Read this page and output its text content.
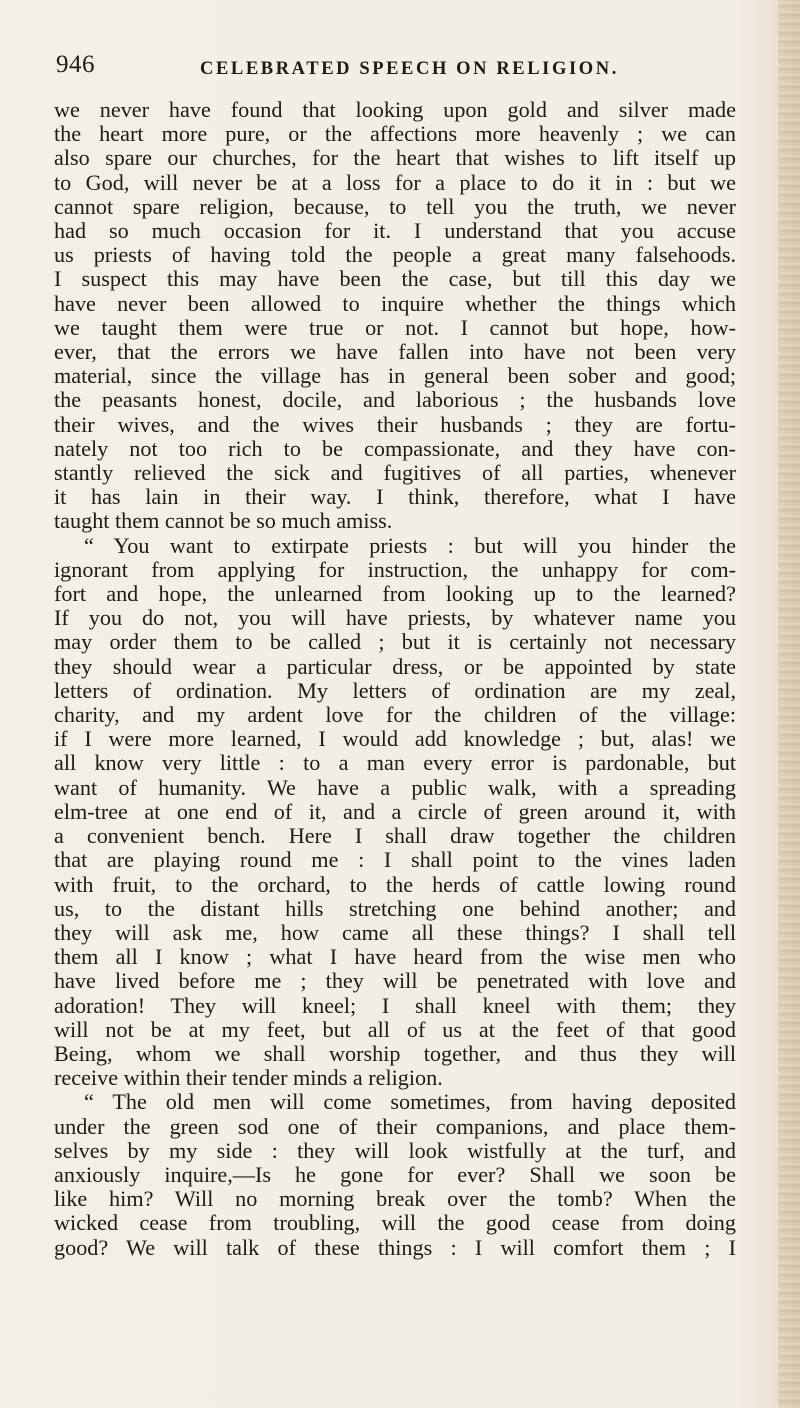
946	CELEBRATED SPEECH ON RELIGION.
we never have found that looking upon gold and silver made
the heart more pure, or the affections more heavenly ; we can
also spare our churches, for the heart that wishes to lift itself up
to God, will never be at a loss for a place to do it in : but we
cannot spare religion, because, to tell you the truth, we never
had so much occasion for it. I understand that you accuse
us priests of having told the people a great many falsehoods.
I suspect this may have been the case, but till this day we
have never been allowed to inquire whether the things which
we taught them were true or not. I cannot but hope, how-
ever, that the errors we have fallen into have not been very
material, since the village has in general been sober and good;
the peasants honest, docile, and laborious ; the husbands love
their wives, and the wives their husbands ; they are fortu-
nately not too rich to be compassionate, and they have con-
stantly relieved the sick and fugitives of all parties, whenever
it has lain in their way. I think, therefore, what I have
taught them cannot be so much amiss.
“ You want to extirpate priests : but will you hinder the
ignorant from applying for instruction, the unhappy for com-
fort and hope, the unlearned from looking up to the learned?
If you do not, you will have priests, by whatever name you
may order them to be called ; but it is certainly not necessary
they should wear a particular dress, or be appointed by state
letters of ordination. My letters of ordination are my zeal,
charity, and my ardent love for the children of the village:
if I were more learned, I would add knowledge ; but, alas! we
all know very little : to a man every error is pardonable, but
want of humanity. We have a public walk, with a spreading
elm-tree at one end of it, and a circle of green around it, with
a convenient bench. Here I shall draw together the children
that are playing round me : I shall point to the vines laden
with fruit, to the orchard, to the herds of cattle lowing round
us, to the distant hills stretching one behind another; and
they will ask me, how came all these things? I shall tell
them all I know ; what I have heard from the wise men who
have lived before me ; they will be penetrated with love and
adoration! They will kneel; I shall kneel with them; they
will not be at my feet, but all of us at the feet of that good
Being, whom we shall worship together, and thus they will
receive within their tender minds a religion.
“ The old men will come sometimes, from having deposited
under the green sod one of their companions, and place them-
selves by my side : they will look wistfully at the turf, and
anxiously inquire,—Is he gone for ever? Shall we soon be
like him? Will no morning break over the tomb? When the
wicked cease from troubling, will the good cease from doing
good? We will talk of these things : I will comfort them ; I
